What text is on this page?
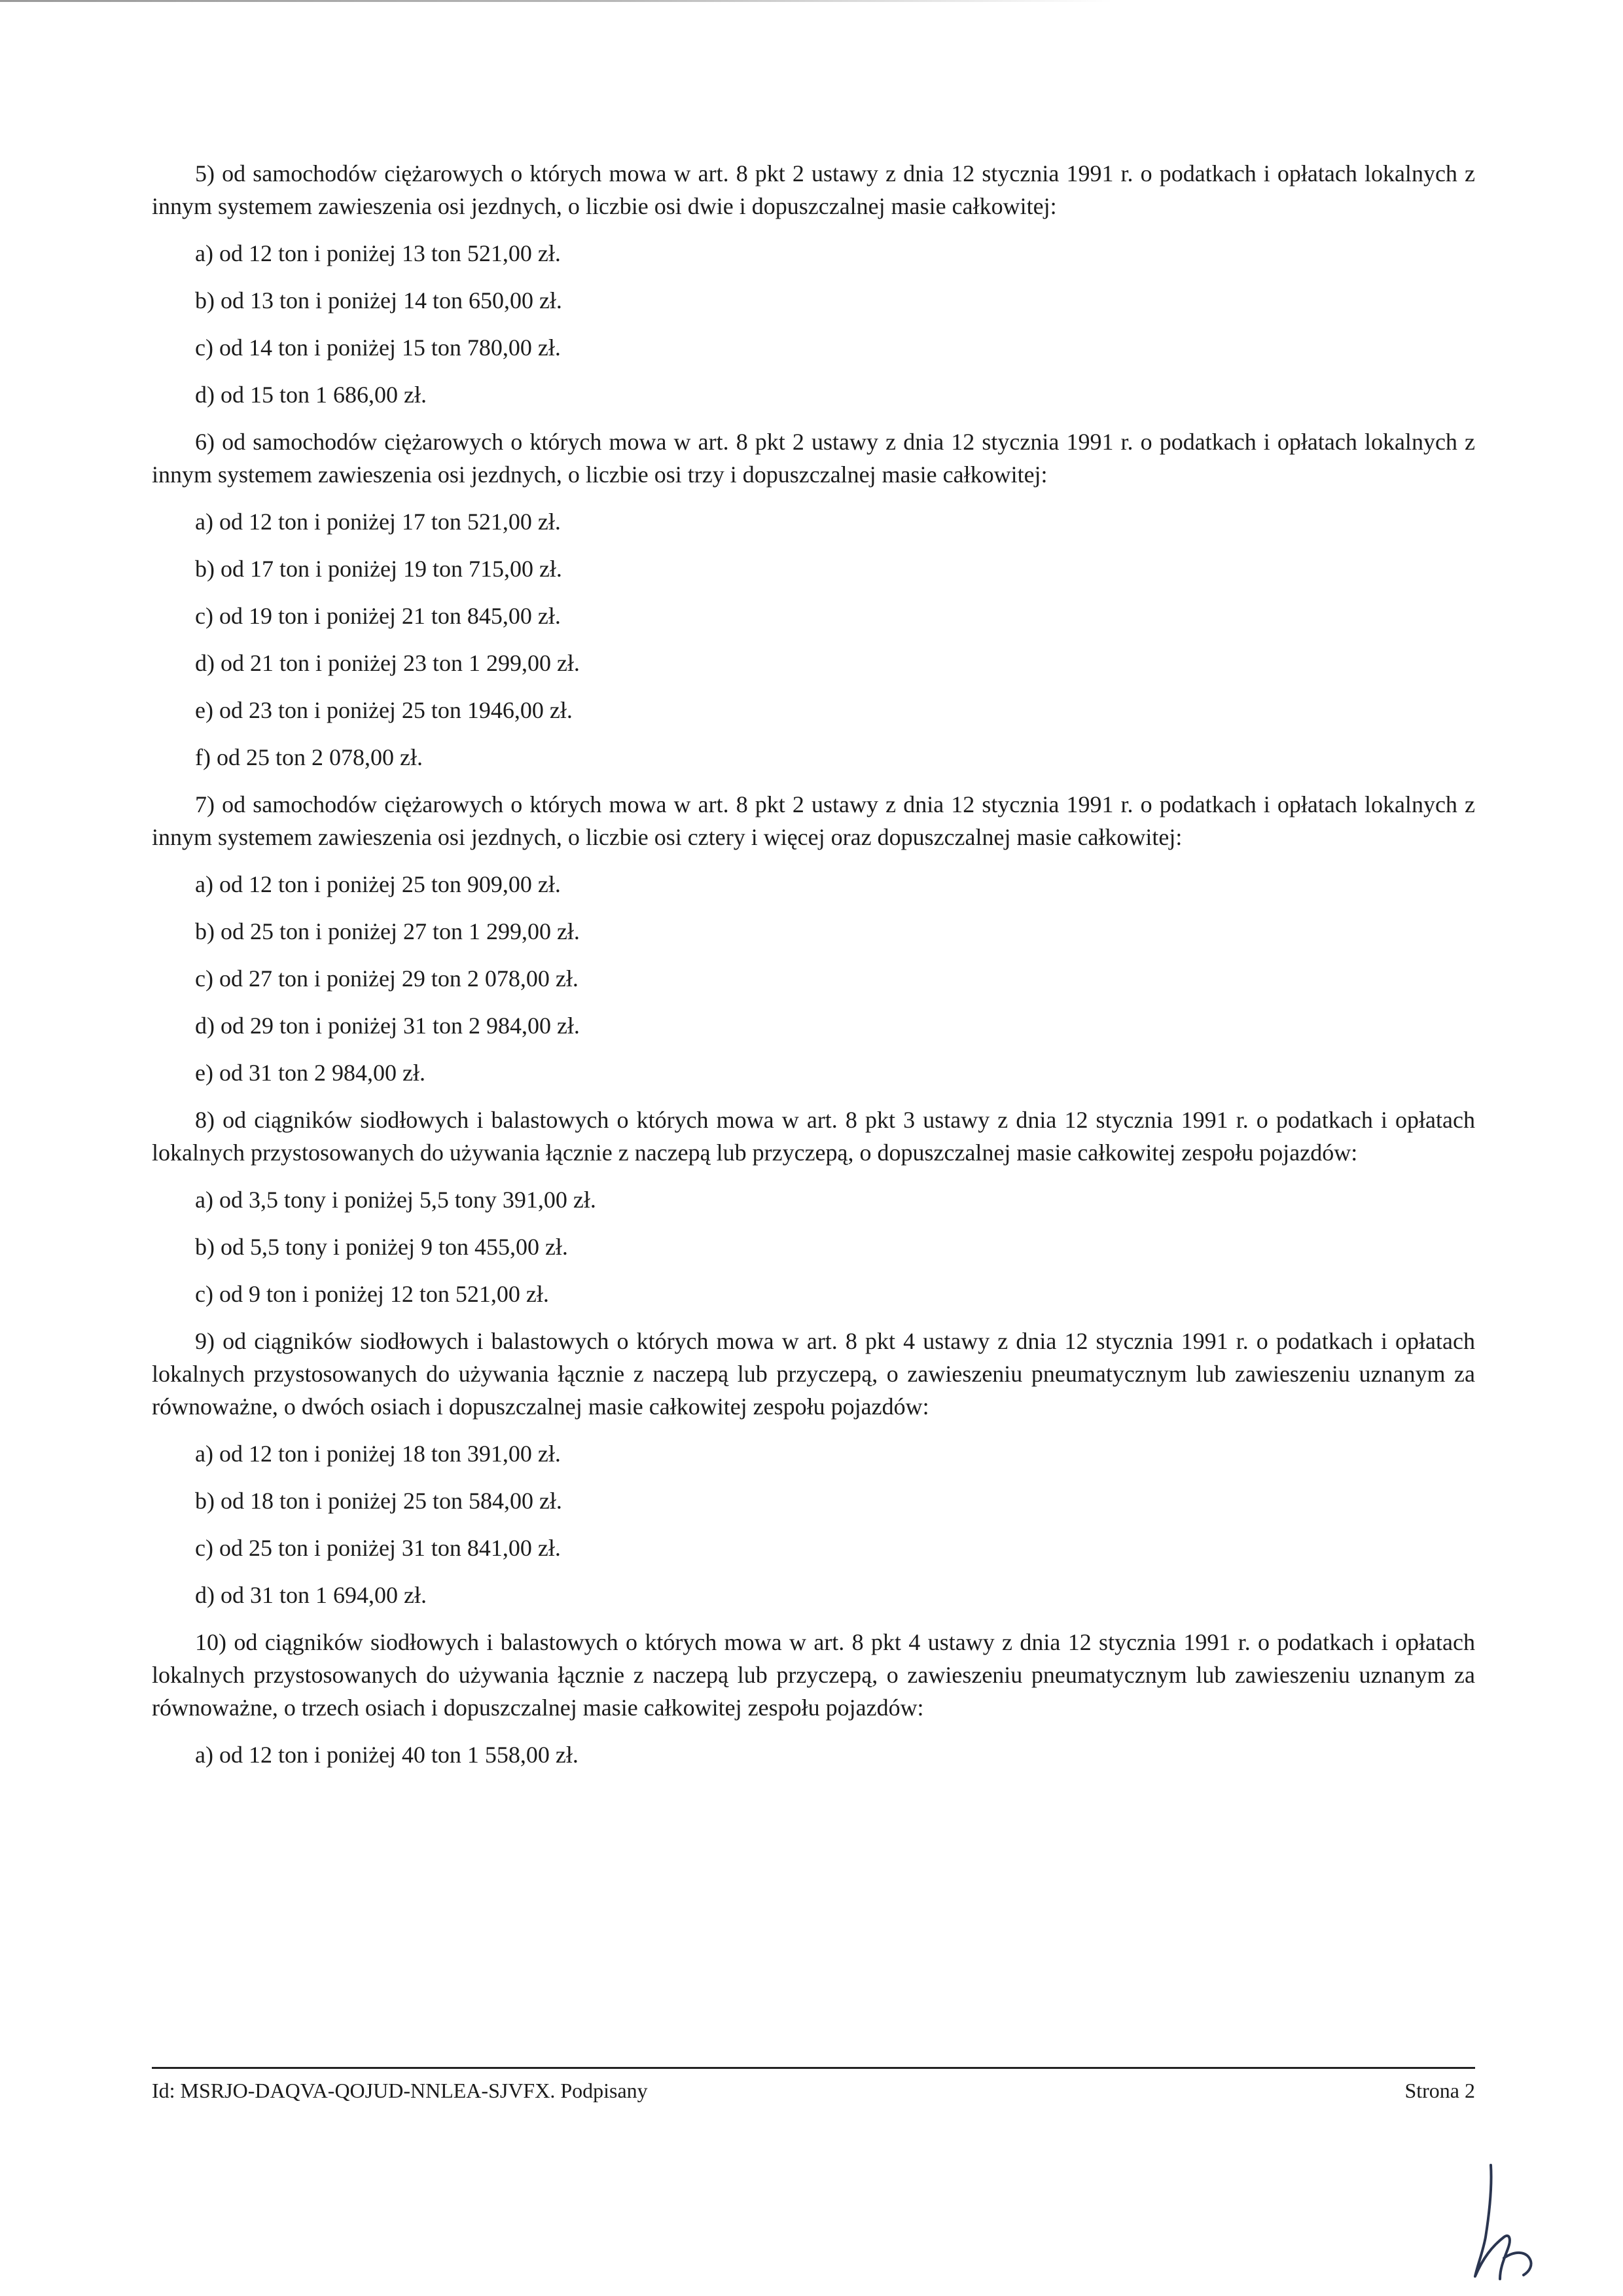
5) od samochodów ciężarowych o których mowa w art. 8 pkt 2 ustawy z dnia 12 stycznia 1991 r. o podatkach i opłatach lokalnych z innym systemem zawieszenia osi jezdnych, o liczbie osi dwie i dopuszczalnej masie całkowitej:

a) od 12 ton i poniżej 13 ton 521,00 zł.

b) od 13 ton i poniżej 14 ton 650,00 zł.

c) od 14 ton i poniżej 15 ton 780,00 zł.

d) od 15 ton 1 686,00 zł.

6) od samochodów ciężarowych o których mowa w art. 8 pkt 2 ustawy z dnia 12 stycznia 1991 r. o podatkach i opłatach lokalnych z innym systemem zawieszenia osi jezdnych, o liczbie osi trzy i dopuszczalnej masie całkowitej:

a) od 12 ton i poniżej 17 ton 521,00 zł.

b) od 17 ton i poniżej 19 ton 715,00 zł.

c) od 19 ton i poniżej 21 ton 845,00 zł.

d) od 21 ton i poniżej 23 ton 1 299,00 zł.

e) od 23 ton i poniżej 25 ton 1946,00 zł.

f) od 25 ton 2 078,00 zł.

7) od samochodów ciężarowych o których mowa w art. 8 pkt 2 ustawy z dnia 12 stycznia 1991 r. o podatkach i opłatach lokalnych z innym systemem zawieszenia osi jezdnych, o liczbie osi cztery i więcej oraz dopuszczalnej masie całkowitej:

a) od 12 ton i poniżej 25 ton 909,00 zł.

b) od 25 ton i poniżej 27 ton 1 299,00 zł.

c) od 27 ton i poniżej 29 ton 2 078,00 zł.

d) od 29 ton i poniżej 31 ton 2 984,00 zł.

e) od 31 ton 2 984,00 zł.

8) od ciągników siodłowych i balastowych o których mowa w art. 8 pkt 3 ustawy z dnia 12 stycznia 1991 r. o podatkach i opłatach lokalnych przystosowanych do używania łącznie z naczepą lub przyczepą, o dopuszczalnej masie całkowitej zespołu pojazdów:

a) od 3,5 tony i poniżej 5,5 tony 391,00 zł.

b) od 5,5 tony i poniżej 9 ton 455,00 zł.

c) od 9 ton i poniżej 12 ton 521,00 zł.

9) od ciągników siodłowych i balastowych o których mowa w art. 8 pkt 4 ustawy z dnia 12 stycznia 1991 r. o podatkach i opłatach lokalnych przystosowanych do używania łącznie z naczepą lub przyczepą, o zawieszeniu pneumatycznym lub zawieszeniu uznanym za równoważne, o dwóch osiach i dopuszczalnej masie całkowitej zespołu pojazdów:

a) od 12 ton i poniżej 18 ton 391,00 zł.

b) od 18 ton i poniżej 25 ton 584,00 zł.

c) od 25 ton i poniżej 31 ton 841,00 zł.

d) od 31 ton 1 694,00 zł.

10) od ciągników siodłowych i balastowych o których mowa w art. 8 pkt 4 ustawy z dnia 12 stycznia 1991 r. o podatkach i opłatach lokalnych przystosowanych do używania łącznie z naczepą lub przyczepą, o zawieszeniu pneumatycznym lub zawieszeniu uznanym za równoważne, o trzech osiach i dopuszczalnej masie całkowitej zespołu pojazdów:

a) od 12 ton i poniżej 40 ton 1 558,00 zł.

Id: MSRJO-DAQVA-QOJUD-NNLEA-SJVFX. Podpisany	Strona 2
